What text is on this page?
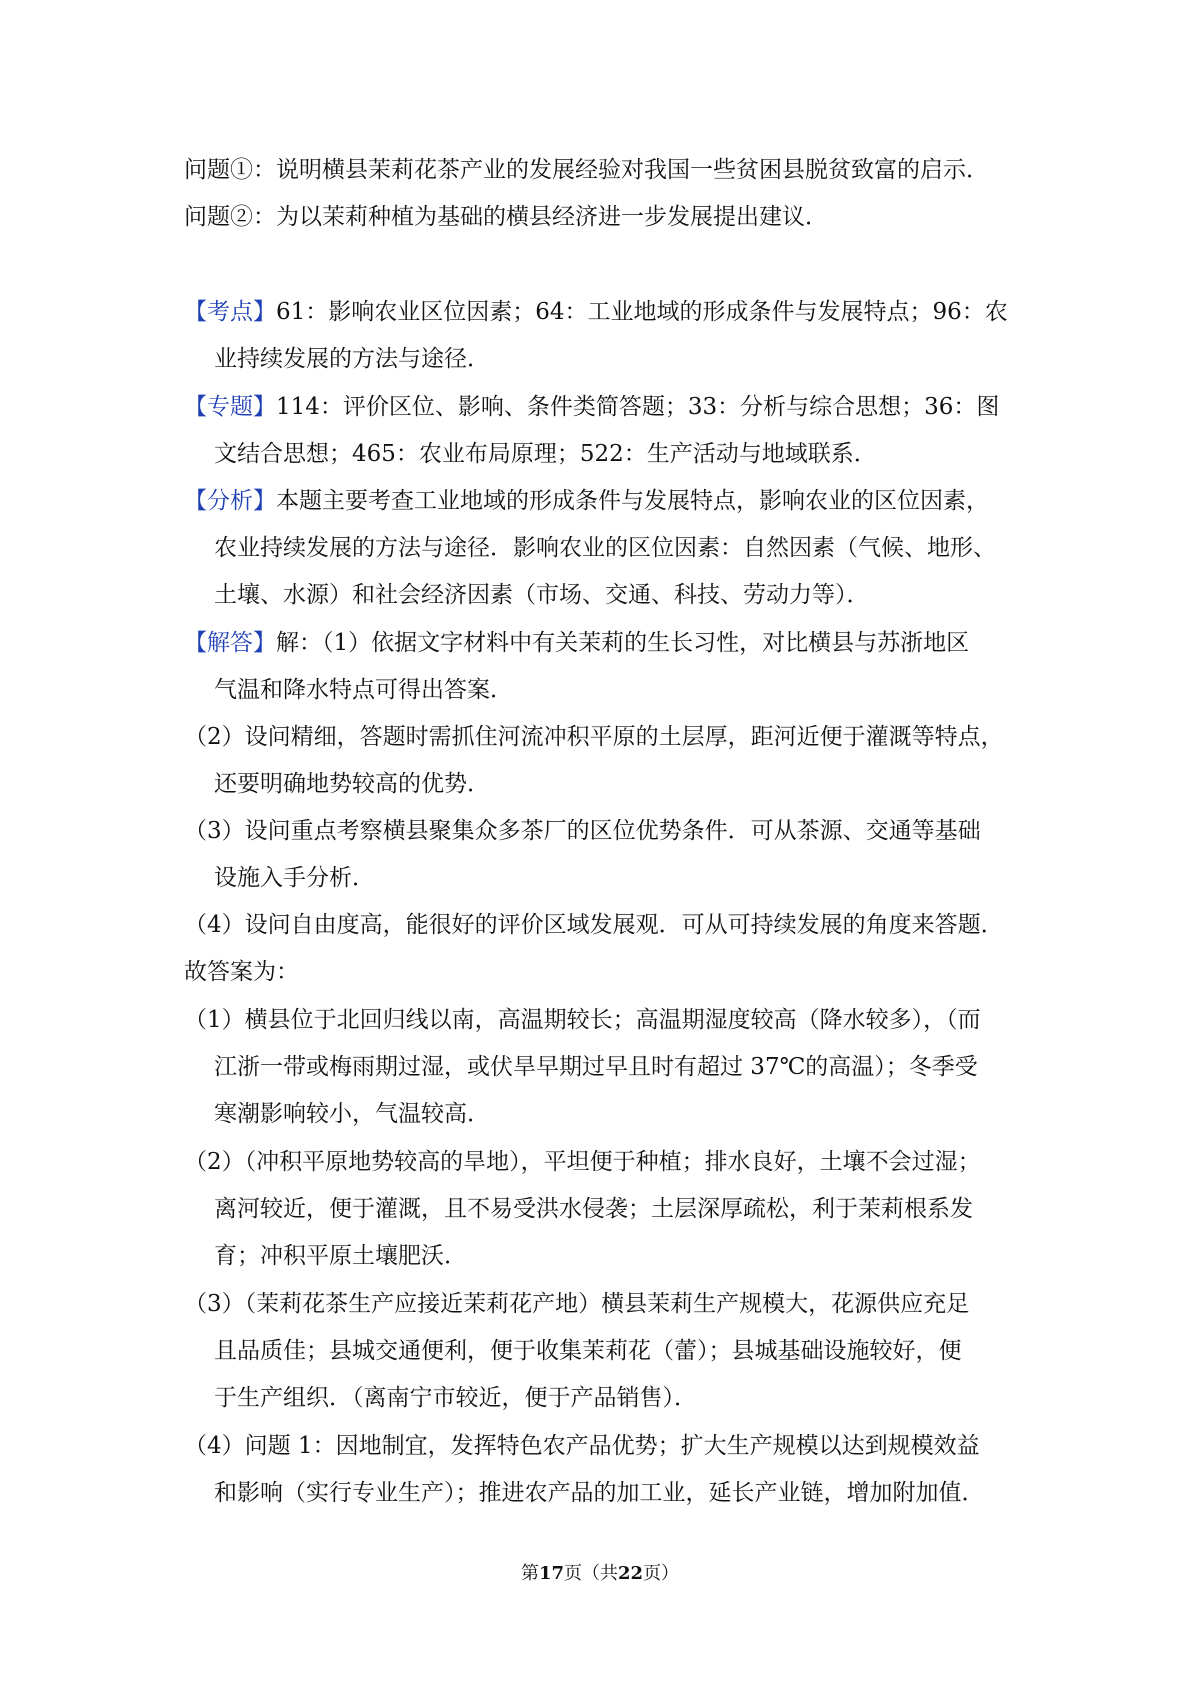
问题①：说明横县茉莉花茶产业的发展经验对我国一些贫困县脱贫致富的启示．
问题②：为以茉莉种植为基础的横县经济进一步发展提出建议．
【考点】61：影响农业区位因素；64：工业地域的形成条件与发展特点；96：农
业持续发展的方法与途径．
【专题】114：评价区位、影响、条件类简答题；33：分析与综合思想；36：图
文结合思想；465：农业布局原理；522：生产活动与地域联系．
【分析】本题主要考查工业地域的形成条件与发展特点，影响农业的区位因素，
农业持续发展的方法与途径．影响农业的区位因素：自然因素（气候、地形、
土壤、水源）和社会经济因素（市场、交通、科技、劳动力等）．
【解答】解：（1）依据文字材料中有关茉莉的生长习性，对比横县与苏浙地区
气温和降水特点可得出答案．
（2）设问精细，答题时需抓住河流冲积平原的土层厚，距河近便于灌溉等特点，
还要明确地势较高的优势．
（3）设问重点考察横县聚集众多茶厂的区位优势条件．可从茶源、交通等基础
设施入手分析．
（4）设问自由度高，能很好的评价区域发展观．可从可持续发展的角度来答题．
故答案为：
（1）横县位于北回归线以南，高温期较长；高温期湿度较高（降水较多），（而
江浙一带或梅雨期过湿，或伏旱早期过早且时有超过 37℃的高温）；冬季受
寒潮影响较小，气温较高．
（2）（冲积平原地势较高的旱地），平坦便于种植；排水良好，土壤不会过湿；
离河较近，便于灌溉，且不易受洪水侵袭；土层深厚疏松，利于茉莉根系发
育；冲积平原土壤肥沃．
（3）（茉莉花茶生产应接近茉莉花产地）横县茉莉生产规模大，花源供应充足
且品质佳；县城交通便利，便于收集茉莉花（蕾）；县城基础设施较好，便
于生产组织．（离南宁市较近，便于产品销售）．
（4）问题 1：因地制宜，发挥特色农产品优势；扩大生产规模以达到规模效益
和影响（实行专业生产）；推进农产品的加工业，延长产业链，增加附加值．
第17页（共22页）
